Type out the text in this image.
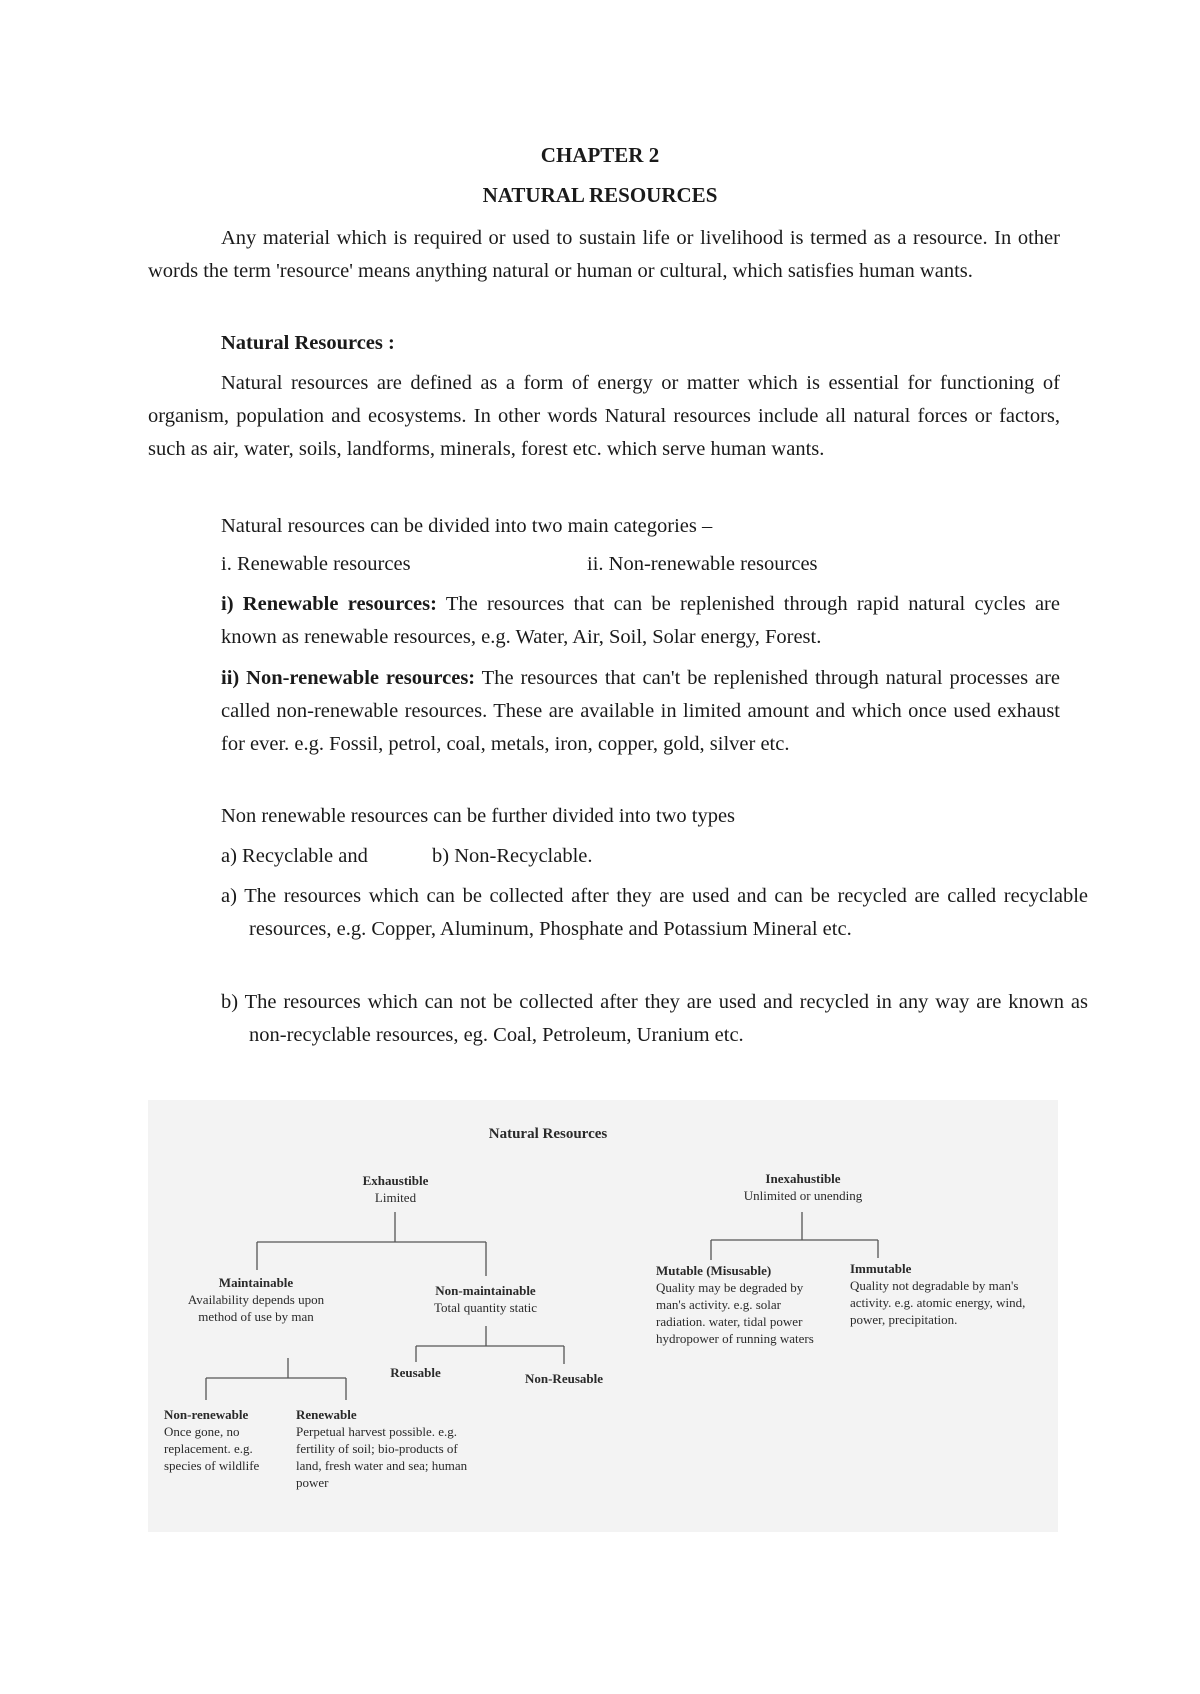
CHAPTER 2
NATURAL RESOURCES
Any material which is required or used to sustain life or livelihood is termed as a resource. In other words the term 'resource' means anything natural or human or cultural, which satisfies human wants.
Natural Resources :
Natural resources are defined as a form of energy or matter which is essential for functioning of organism, population and ecosystems. In other words Natural resources include all natural forces or factors, such as air, water, soils, landforms, minerals, forest etc. which serve human wants.
Natural resources can be divided into two main categories –
i. Renewable resources	ii. Non-renewable resources
i) Renewable resources: The resources that can be replenished through rapid natural cycles are known as renewable resources, e.g. Water, Air, Soil, Solar energy, Forest.
ii) Non-renewable resources: The resources that can't be replenished through natural processes are called non-renewable resources. These are available in limited amount and which once used exhaust for ever. e.g. Fossil, petrol, coal, metals, iron, copper, gold, silver etc.
Non renewable resources can be further divided into two types
a) Recyclable and	b) Non-Recyclable.
a) The resources which can be collected after they are used and can be recycled are called recyclable resources, e.g. Copper, Aluminum, Phosphate and Potassium Mineral etc.
b) The resources which can not be collected after they are used and recycled in any way are known as non-recyclable resources, eg. Coal, Petroleum, Uranium etc.
Natural Resources
Exhaustible
Limited
Inexahustible
Unlimited or unending
Maintainable
Availability depends upon method of use by man
Non-maintainable
Total quantity static
Reusable	Non-Reusable
Non-renewable
Once gone, no replacement. e.g. species of wildlife
Renewable
Perpetual harvest possible. e.g. fertility of soil; bio-products of land, fresh water and sea; human power
Mutable (Misusable)
Quality may be degraded by man's activity. e.g. solar radiation. water, tidal power hydropower of running waters
Immutable
Quality not degradable by man's activity. e.g. atomic energy, wind, power, precipitation.
